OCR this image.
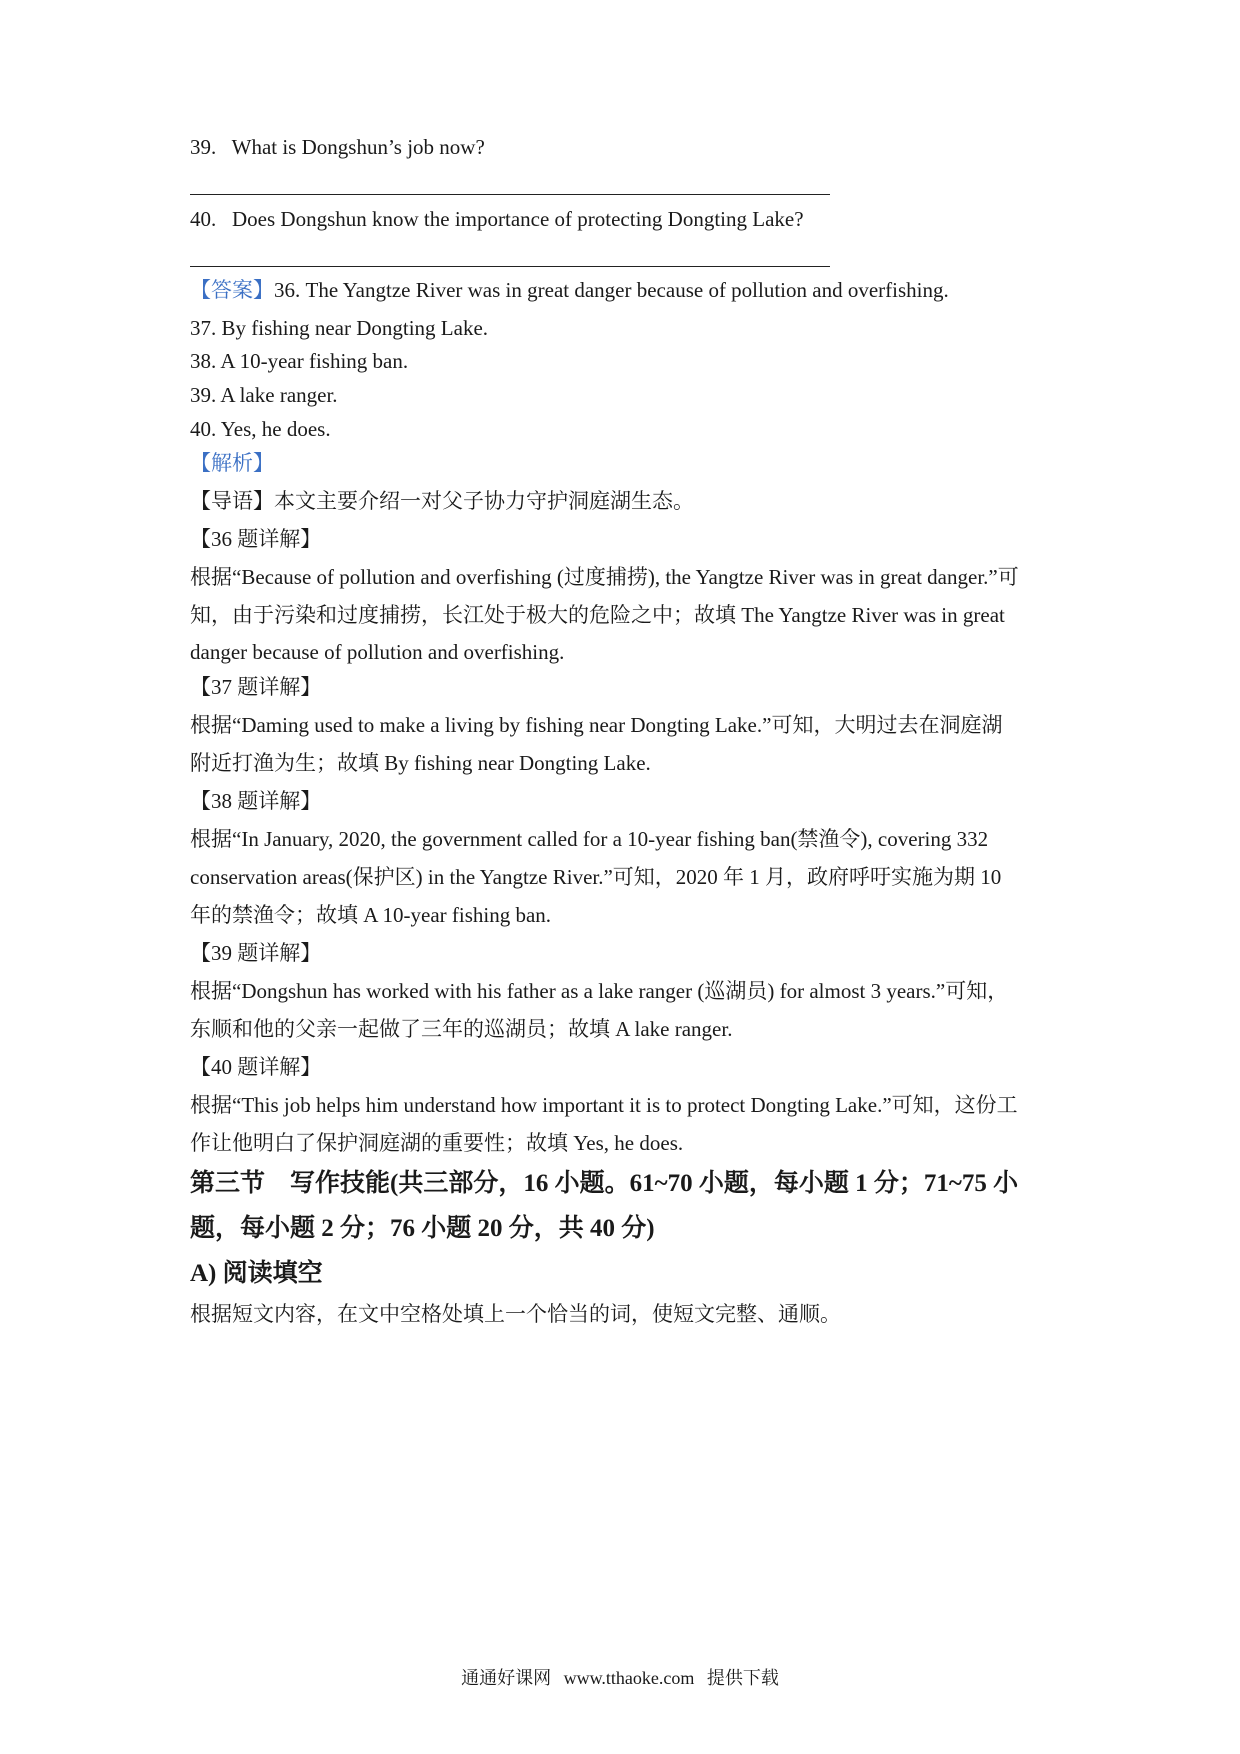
39. What is Dongshun’s job now?
40. Does Dongshun know the importance of protecting Dongting Lake?
【答案】36. The Yangtze River was in great danger because of pollution and overfishing.
37. By fishing near Dongting Lake.
38. A 10-year fishing ban.
39. A lake ranger.
40. Yes, he does.
【解析】
【导语】本文主要介绍一对父子协力守护洞庭湖生态。
【36 题详解】
根据“Because of pollution and overfishing (过度捕捞), the Yangtze River was in great danger.”可
知，由于污染和过度捕捞，长江处于极大的危险之中；故填 The Yangtze River was in great
danger because of pollution and overfishing.
【37 题详解】
根据“Daming used to make a living by fishing near Dongting Lake.”可知，大明过去在洞庭湖
附近打渔为生；故填 By fishing near Dongting Lake.
【38 题详解】
根据“In January, 2020, the government called for a 10-year fishing ban(禁渔令), covering 332
conservation areas(保护区) in the Yangtze River.”可知，2020 年 1 月，政府呼吁实施为期 10
年的禁渔令；故填 A 10-year fishing ban.
【39 题详解】
根据“Dongshun has worked with his father as a lake ranger (巡湖员) for almost 3 years.”可知，
东顺和他的父亲一起做了三年的巡湖员；故填 A lake ranger.
【40 题详解】
根据“This job helps him understand how important it is to protect Dongting Lake.”可知，这份工
作让他明白了保护洞庭湖的重要性；故填 Yes, he does.
第三节　写作技能(共三部分，16 小题。61~70 小题，每小题 1 分；71~75 小
题，每小题 2 分；76 小题 20 分，共 40 分)
A) 阅读填空
根据短文内容，在文中空格处填上一个恰当的词，使短文完整、通顺。
通通好课网 www.tthaoke.com 提供下载
